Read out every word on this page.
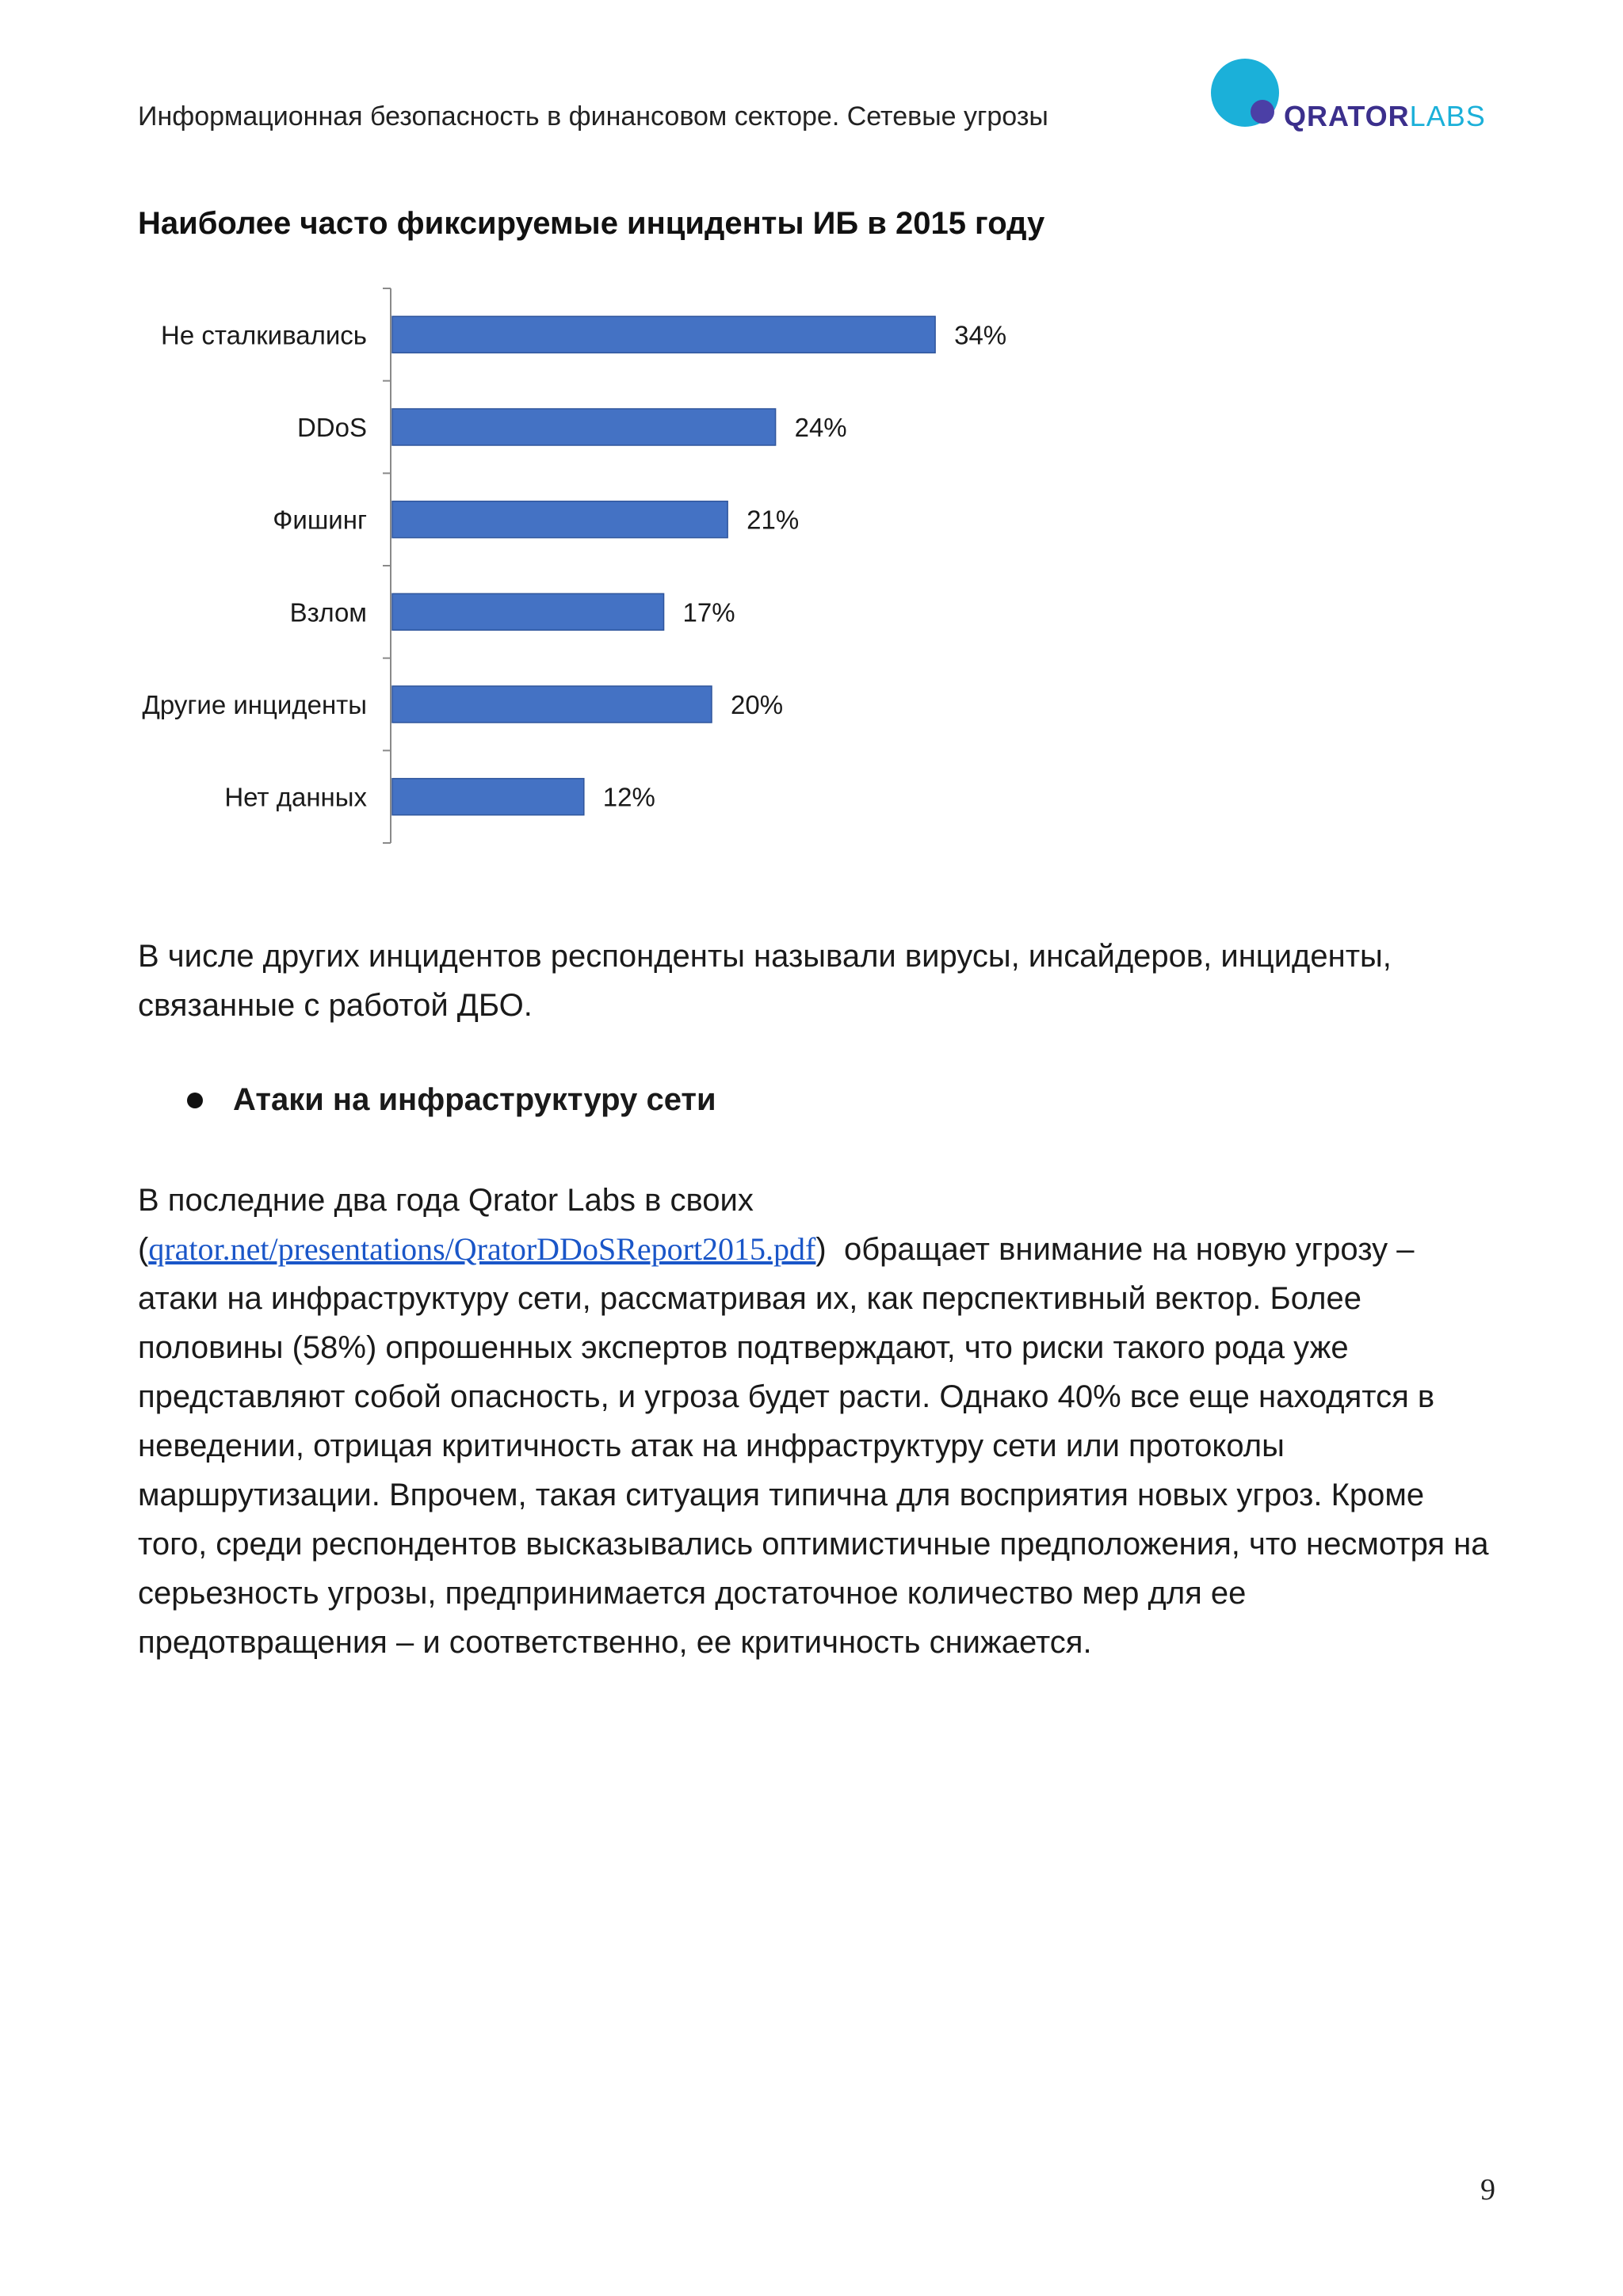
Информационная безопасность в финансовом секторе. Сетевые угрозы	QRATORLABS
Наиболее часто фиксируемые инциденты ИБ в 2015 году
Не сталкивались	34%
DDoS	24%
Фишинг	21%
Взлом	17%
Другие инциденты	20%
Нет данных	12%
В числе других инцидентов респонденты называли вирусы, инсайдеров, инциденты, связанные с работой ДБО.
Атаки на инфраструктуру сети
В последние два года Qrator Labs в своих
(qrator.net/presentations/QratorDDoSReport2015.pdf)  обращает внимание на новую угрозу – атаки на инфраструктуру сети, рассматривая их, как перспективный вектор. Более половины (58%) опрошенных экспертов подтверждают, что риски такого рода уже представляют собой опасность, и угроза будет расти. Однако 40% все еще находятся в неведении, отрицая критичность атак на инфраструктуру сети или протоколы маршрутизации. Впрочем, такая ситуация типична для восприятия новых угроз. Кроме того, среди респондентов высказывались оптимистичные предположения, что несмотря на серьезность угрозы, предпринимается достаточное количество мер для ее предотвращения – и соответственно, ее критичность снижается.
9
